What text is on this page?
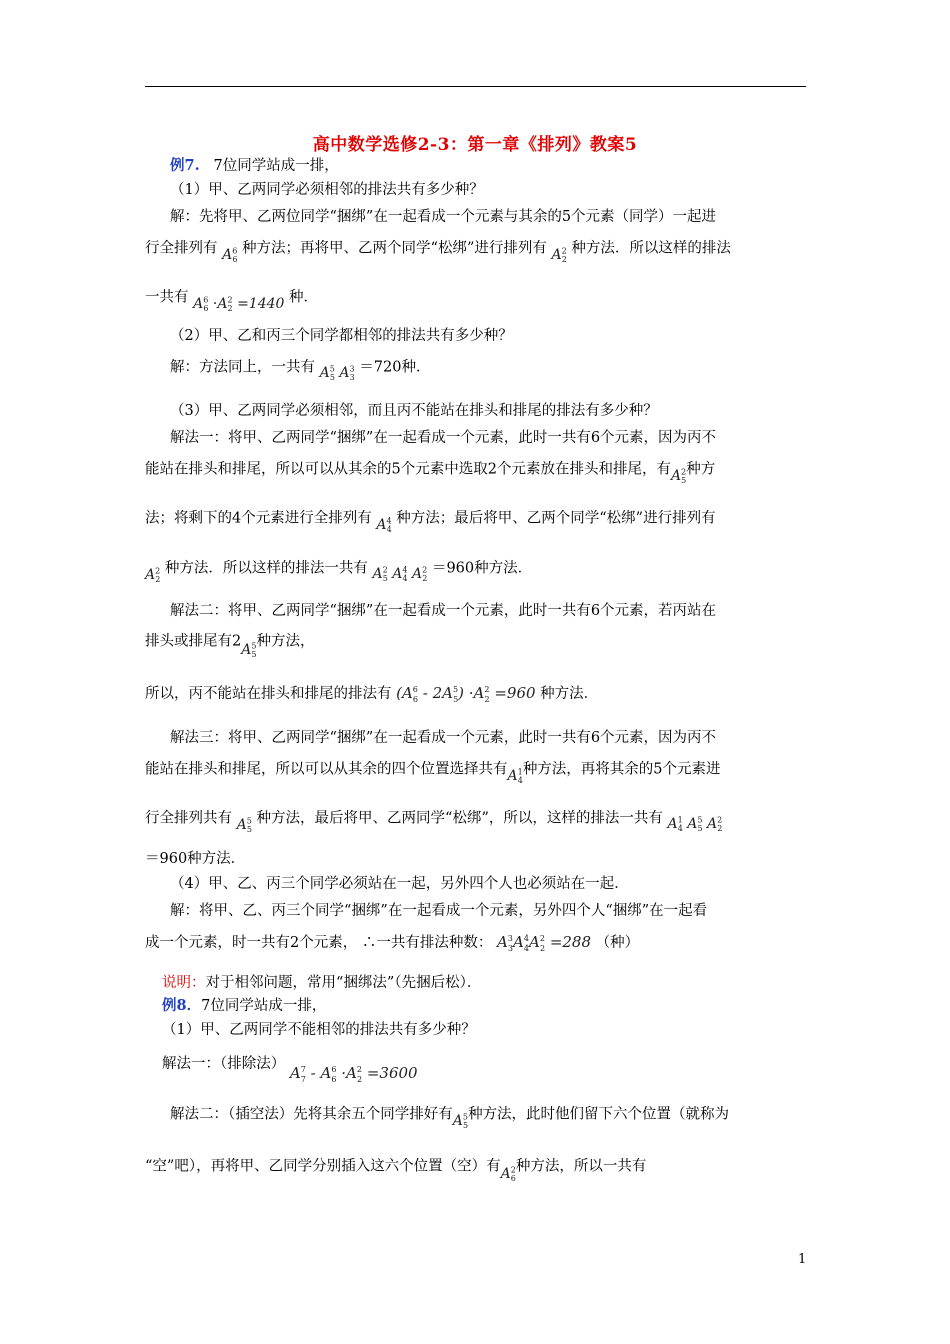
高中数学选修2-3：第一章《排列》教案5
例7. 7位同学站成一排，
（1）甲、乙两同学必须相邻的排法共有多少种？
解：先将甲、乙两位同学“捆绑”在一起看成一个元素与其余的5个元素（同学）一起进
行全排列有 $A^6_6$ 种方法；再将甲、乙两个同学“松绑”进行排列有 $A^2_2$ 种方法．所以这样的排法
一共有 $A^6_6 \cdot A^2_2 =1440$ 种．
（2）甲、乙和丙三个同学都相邻的排法共有多少种？
解：方法同上，一共有 $A^5_5$ $A^3_3 =720$种．
（3）甲、乙两同学必须相邻，而且丙不能站在排头和排尾的排法有多少种？
解法一：将甲、乙两同学“捆绑”在一起看成一个元素，此时一共有6个元素，因为丙不
能站在排头和排尾，所以可以从其余的5个元素中选取2个元素放在排头和排尾，有$A^2_5$种方
法；将剩下的4个元素进行全排列有 $A^4_4$ 种方法；最后将甲、乙两个同学“松绑”进行排列有
$A^2_2$ 种方法．所以这样的排法一共有 $A^2_5$ $A^4_4$ $A^2_2 =960$种方法．
解法二：将甲、乙两同学“捆绑”在一起看成一个元素，此时一共有6个元素，若丙站在
排头或排尾有$2A^5_5$种方法，
所以，丙不能站在排头和排尾的排法有 $(A^6_6 - 2A^5_5) \cdot A^2_2 =960$ 种方法．
解法三：将甲、乙两同学“捆绑”在一起看成一个元素，此时一共有6个元素，因为丙不
能站在排头和排尾，所以可以从其余的四个位置选择共有$A^1_4$种方法，再将其余的5个元素进
行全排列共有 $A^5_5$ 种方法，最后将甲、乙两同学“松绑”，所以，这样的排法一共有 $A^1_4$ $A^5_5$ $A^2_2$
＝960种方法．
（4）甲、乙、丙三个同学必须站在一起，另外四个人也必须站在一起．
解：将甲、乙、丙三个同学“捆绑”在一起看成一个元素，另外四个人“捆绑”在一起看
成一个元素，时一共有2个元素， ∴一共有排法种数： $A^3_3A^4_4A^2_2 =288$ （种）
说明：对于相邻问题，常用“捆绑法”（先捆后松）．
例8．7位同学站成一排，
（1）甲、乙两同学不能相邻的排法共有多少种？
解法一：（排除法） $A^7_7 - A^6_6 \cdot A^2_2 =3600$
解法二：（插空法）先将其余五个同学排好有$A^5_5$种方法，此时他们留下六个位置（就称为
“空”吧），再将甲、乙同学分别插入这六个位置（空）有$A^2_6$种方法，所以一共有
1
